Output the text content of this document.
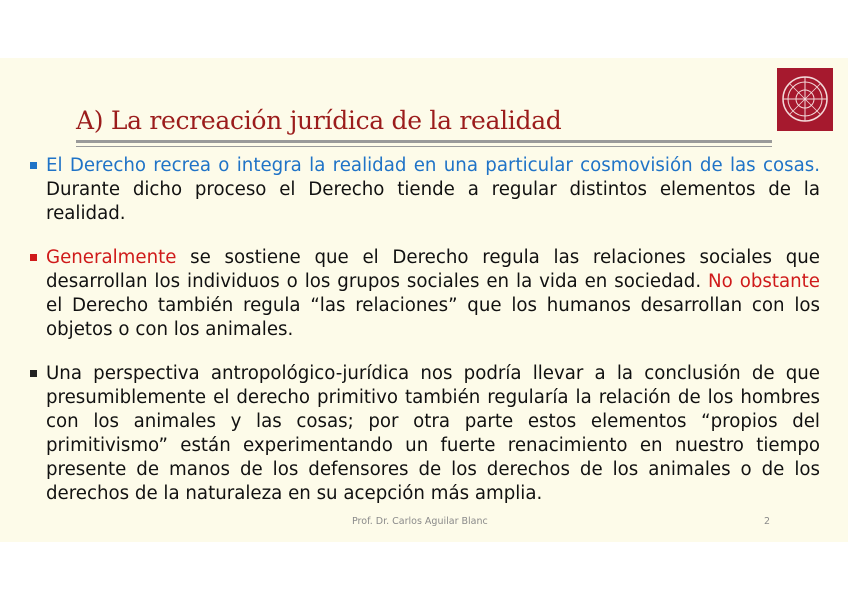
A) La recreación jurídica de la realidad
El Derecho recrea o integra la realidad en una particular cosmovisión de las cosas. Durante dicho proceso el Derecho tiende a regular distintos elementos de la realidad.
Generalmente se sostiene que el Derecho regula las relaciones sociales que desarrollan los individuos o los grupos sociales en la vida en sociedad. No obstante el Derecho también regula “las relaciones” que los humanos desarrollan con los objetos o con los animales.
Una perspectiva antropológico-jurídica nos podría llevar a la conclusión de que presumiblemente el derecho primitivo también regularía la relación de los hombres con los animales y las cosas; por otra parte estos elementos “propios del primitivismo” están experimentando un fuerte renacimiento en nuestro tiempo presente de manos de los defensores de los derechos de los animales o de los derechos de la naturaleza en su acepción más amplia.
Prof. Dr. Carlos Aguilar Blanc	2
